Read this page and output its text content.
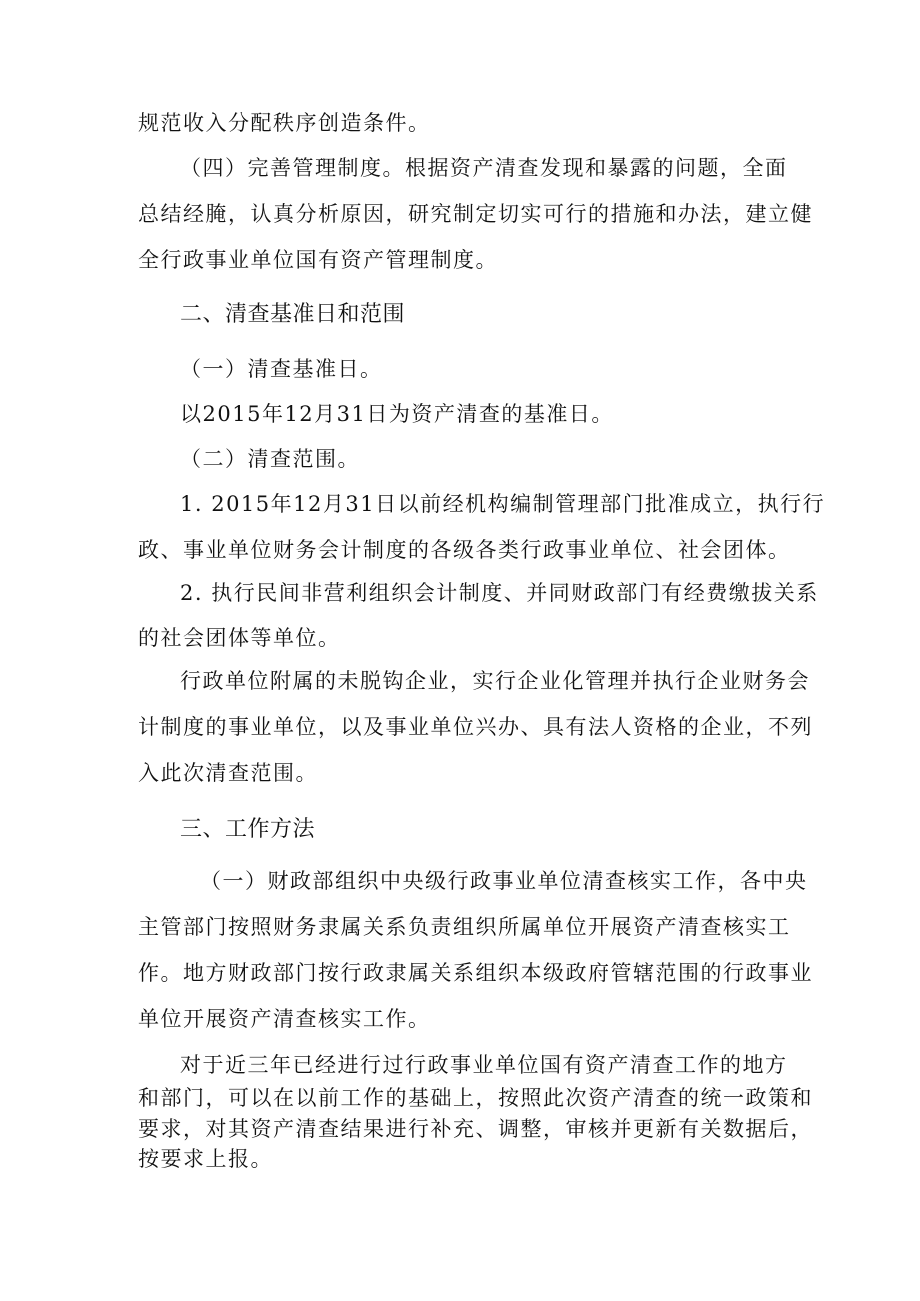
规范收入分配秩序创造条件。
（四）完善管理制度。根据资产清查发现和暴露的问题，全面
总结经腌，认真分析原因，研究制定切实可行的措施和办法，建立健
全行政事业单位国有资产管理制度。
二、清查基准日和范围
（一）清查基准日。
以2015年12月31日为资产清查的基准日。
（二）清查范围。
1. 2015年12月31日以前经机构编制管理部门批准成立，执行行
政、事业单位财务会计制度的各级各类行政事业单位、社会团体。
2. 执行民间非营利组织会计制度、并同财政部门有经费缴拔关系
的社会团体等单位。
行政单位附属的未脱钩企业，实行企业化管理并执行企业财务会
计制度的事业单位，以及事业单位兴办、具有法人资格的企业，不列
入此次清查范围。
三、工作方法
（一）财政部组织中央级行政事业单位清查核实工作，各中央
主管部门按照财务隶属关系负责组织所属单位开展资产清查核实工
作。地方财政部门按行政隶属关系组织本级政府管辖范围的行政事业
单位开展资产清查核实工作。
对于近三年已经进行过行政事业单位国有资产清查工作的地方
和部门，可以在以前工作的基础上，按照此次资产清查的统一政策和
要求，对其资产清查结果进行补充、调整，审核并更新有关数据后，
按要求上报。
